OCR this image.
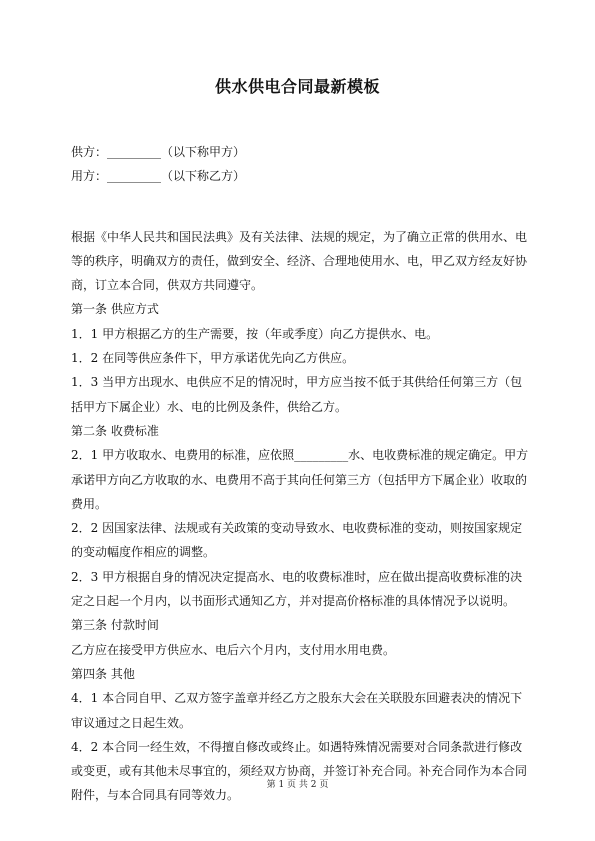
供水供电合同最新模板
供方：_________（以下称甲方）
用方：_________（以下称乙方）
根据《中华人民共和国民法典》及有关法律、法规的规定，为了确立正常的供用水、电
等的秩序，明确双方的责任，做到安全、经济、合理地使用水、电，甲乙双方经友好协
商，订立本合同，供双方共同遵守。
第一条 供应方式
1．1 甲方根据乙方的生产需要，按（年或季度）向乙方提供水、电。
1．2 在同等供应条件下，甲方承诺优先向乙方供应。
1．3 当甲方出现水、电供应不足的情况时，甲方应当按不低于其供给任何第三方（包
括甲方下属企业）水、电的比例及条件，供给乙方。
第二条 收费标准
2．1 甲方收取水、电费用的标准，应依照_________水、电收费标准的规定确定。甲方
承诺甲方向乙方收取的水、电费用不高于其向任何第三方（包括甲方下属企业）收取的
费用。
2．2 因国家法律、法规或有关政策的变动导致水、电收费标准的变动，则按国家规定
的变动幅度作相应的调整。
2．3 甲方根据自身的情况决定提高水、电的收费标准时，应在做出提高收费标准的决
定之日起一个月内，以书面形式通知乙方，并对提高价格标准的具体情况予以说明。
第三条 付款时间
乙方应在接受甲方供应水、电后六个月内，支付用水用电费。
第四条 其他
4．1 本合同自甲、乙双方签字盖章并经乙方之股东大会在关联股东回避表决的情况下
审议通过之日起生效。
4．2 本合同一经生效，不得擅自修改或终止。如遇特殊情况需要对合同条款进行修改
或变更，或有其他未尽事宜的，须经双方协商，并签订补充合同。补充合同作为本合同
附件，与本合同具有同等效力。
第 1 页 共 2 页
